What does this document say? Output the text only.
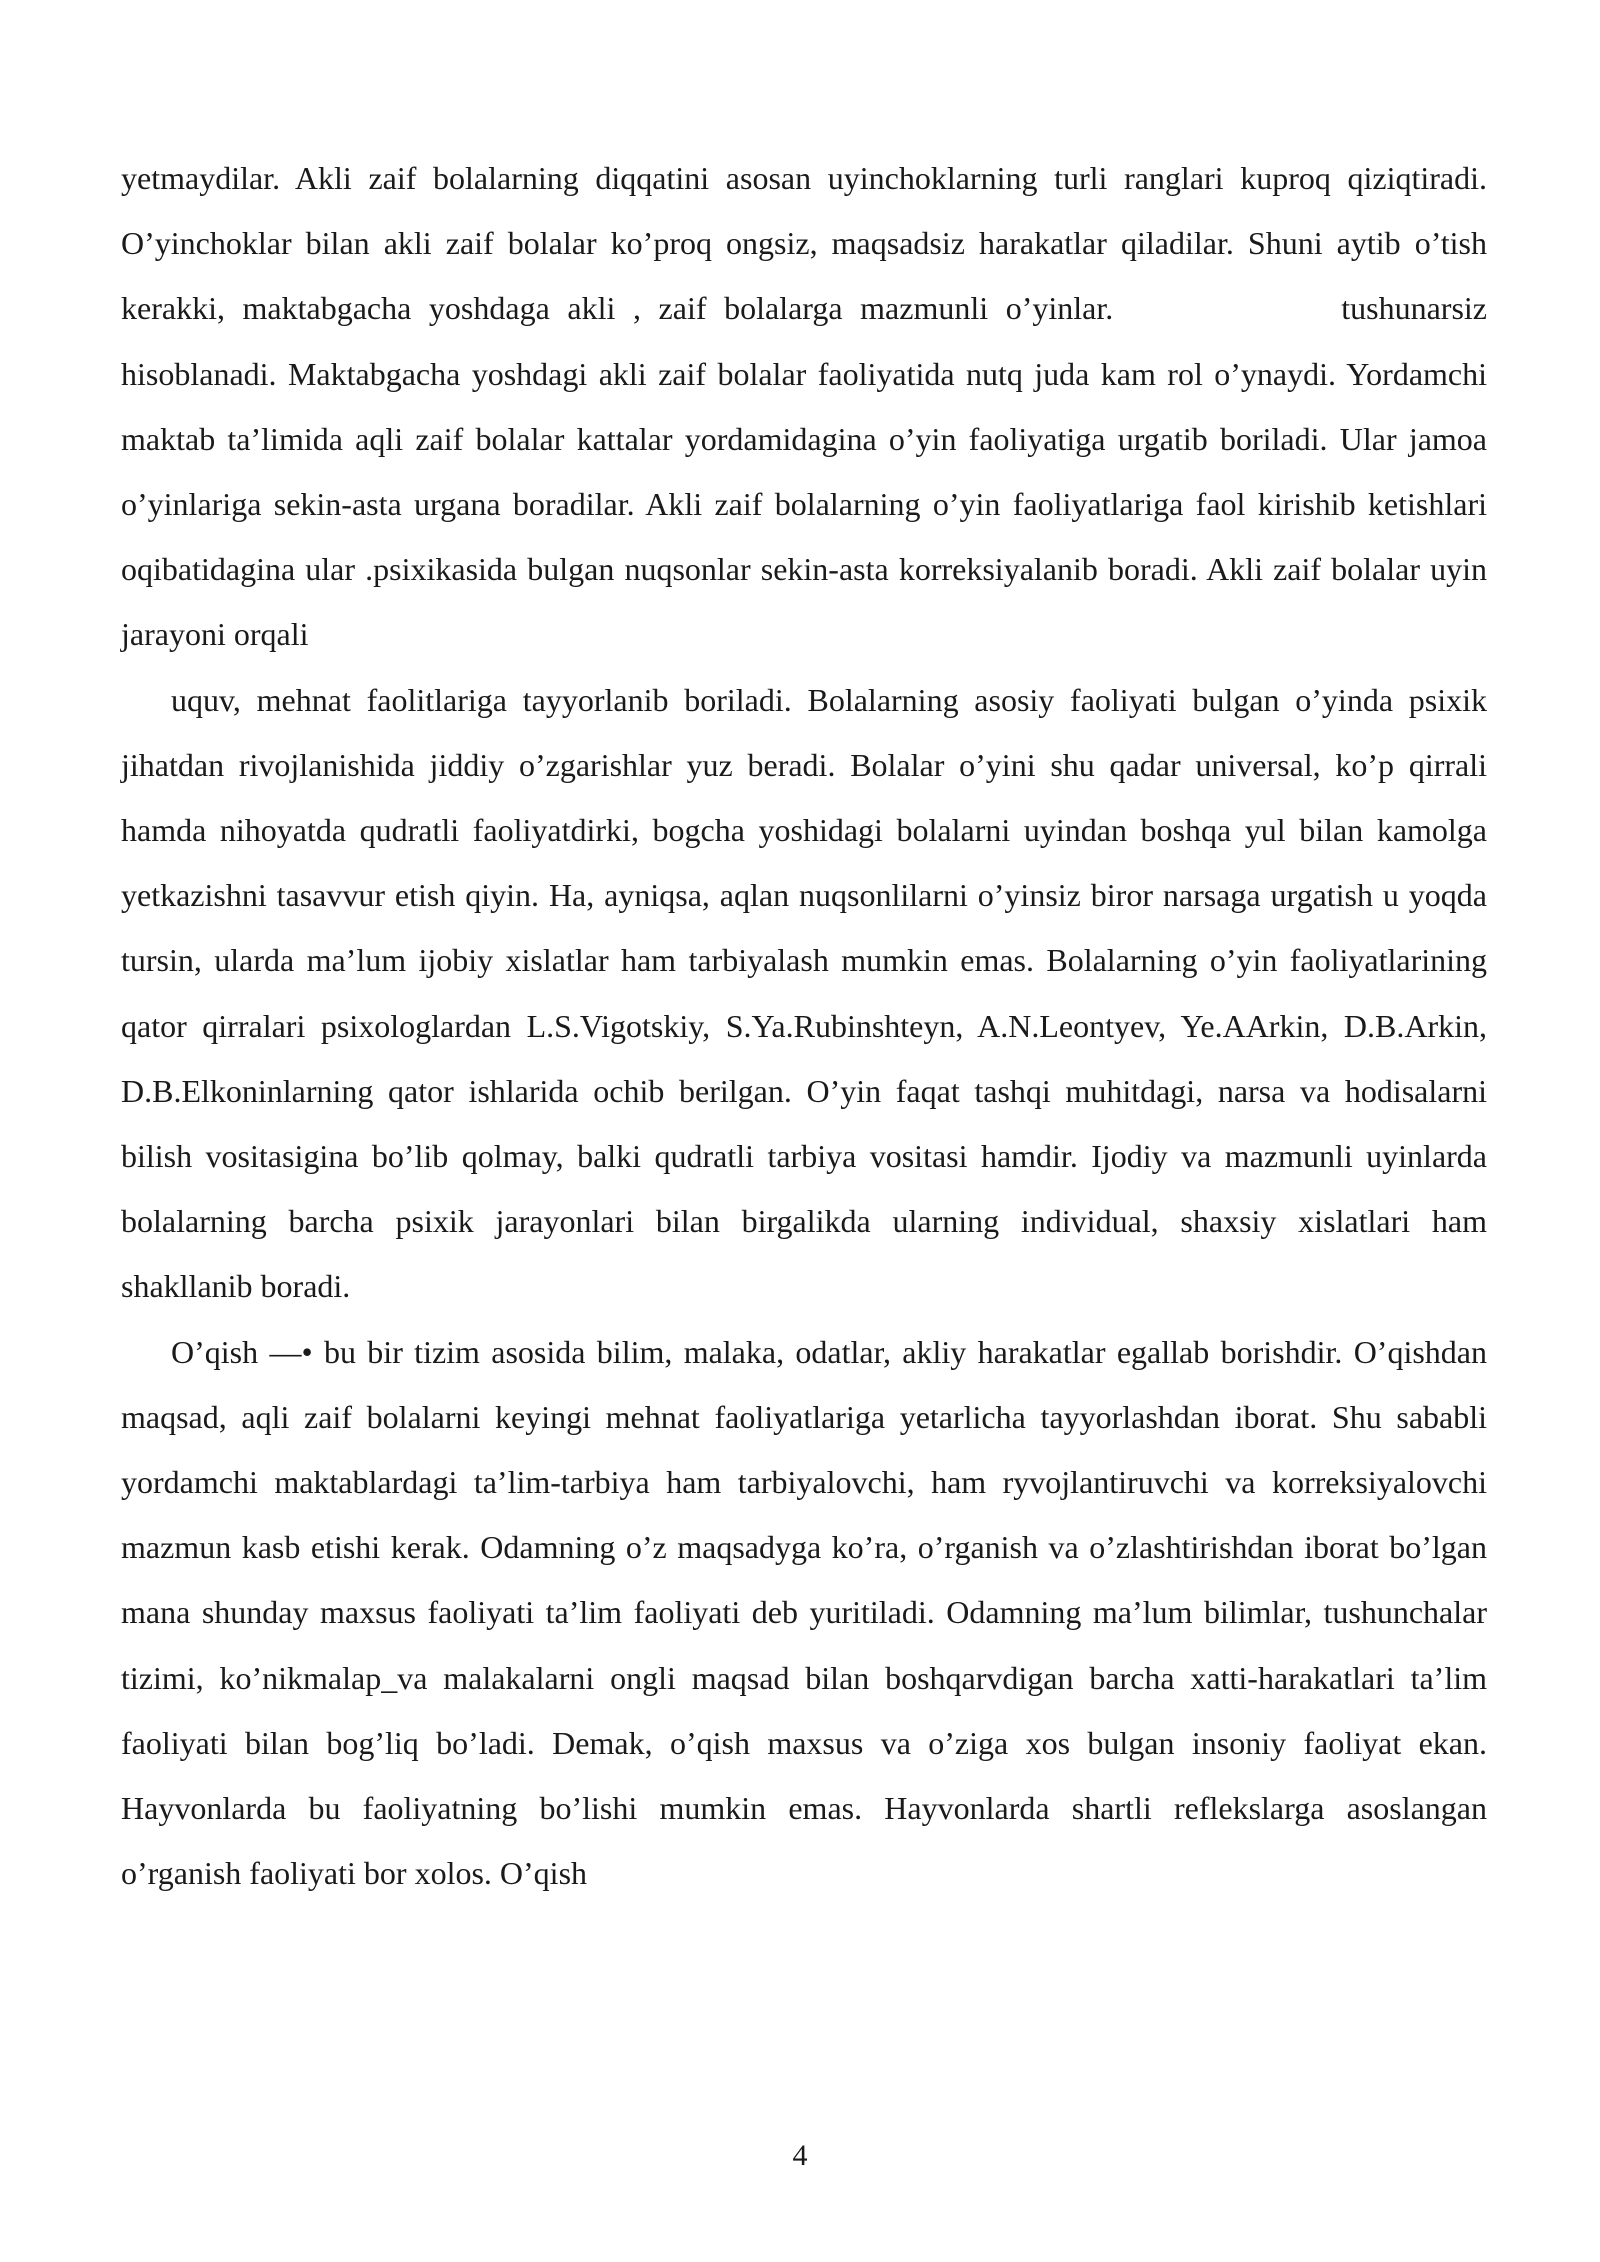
yetmaydilar. Akli zaif bolalarning diqqatini asosan uyinchoklarning turli ranglari kuproq qiziqtiradi. O’yinchoklar bilan akli zaif bolalar ko’proq ongsiz, maqsadsiz harakatlar qiladilar. Shuni aytib o’tish kerakki, maktabgacha yoshdaga akli , zaif bolalarga mazmunli o’yinlar.	tushunarsiz hisoblanadi. Maktabgacha yoshdagi akli zaif bolalar faoliyatida nutq juda kam rol o’ynaydi. Yordamchi maktab ta’limida aqli zaif bolalar kattalar yordamidagina o’yin faoliyatiga urgatib boriladi. Ular jamoa o’yinlariga sekin-asta urgana boradilar. Akli zaif bolalarning o’yin faoliyatlariga faol kirishib ketishlari oqibatidagina ular .psixikasida bulgan nuqsonlar sekin-asta korreksiyalanib boradi. Akli zaif bolalar uyin jarayoni orqali

uquv, mehnat faolitlariga tayyorlanib boriladi. Bolalarning asosiy faoliyati bulgan o’yinda psixik jihatdan rivojlanishida jiddiy o’zgarishlar yuz beradi. Bolalar o’yini shu qadar universal, ko’p qirrali hamda nihoyatda qudratli faoliyatdirki, bogcha yoshidagi bolalarni uyindan boshqa yul bilan kamolga yetkazishni tasavvur etish qiyin. Ha, ayniqsa, aqlan nuqsonlilarni o’yinsiz biror narsaga urgatish u yoqda tursin, ularda ma’lum ijobiy xislatlar ham tarbiyalash mumkin emas. Bolalarning o’yin faoliyatlarining qator qirralari psixologlardan L.S.Vigotskiy, S.Ya.Rubinshteyn, A.N.Leontyev, Ye.AArkin, D.B.Arkin, D.B.Elkoninlarning qator ishlarida ochib berilgan. O’yin faqat tashqi muhitdagi, narsa va hodisalarni bilish vositasigina bo’lib qolmay, balki qudratli tarbiya vositasi hamdir. Ijodiy va mazmunli uyinlarda bolalarning barcha psixik jarayonlari bilan birgalikda ularning individual, shaxsiy xislatlari ham shakllanib boradi.

O’qish —• bu bir tizim asosida bilim, malaka, odatlar, akliy harakatlar egallab borishdir. O’qishdan maqsad, aqli zaif bolalarni keyingi mehnat faoliyatlariga yetarlicha tayyorlashdan iborat. Shu sababli yordamchi maktablardagi ta’lim-tarbiya ham tarbiyalovchi, ham ryvojlantiruvchi va korreksiyalovchi mazmun kasb etishi kerak. Odamning o’z maqsadyga ko’ra, o’rganish va o’zlashtirishdan iborat bo’lgan mana shunday maxsus faoliyati ta’lim faoliyati deb yuritiladi. Odamning ma’lum bilimlar, tushunchalar tizimi, ko’nikmalap_va malakalarni ongli maqsad bilan boshqarvdigan barcha xatti-harakatlari ta’lim faoliyati bilan bog’liq bo’ladi. Demak, o’qish maxsus va o’ziga xos bulgan insoniy faoliyat ekan. Hayvonlarda bu faoliyatning bo’lishi mumkin emas. Hayvonlarda shartli reflekslarga asoslangan o’rganish faoliyati bor xolos. O’qish

4
